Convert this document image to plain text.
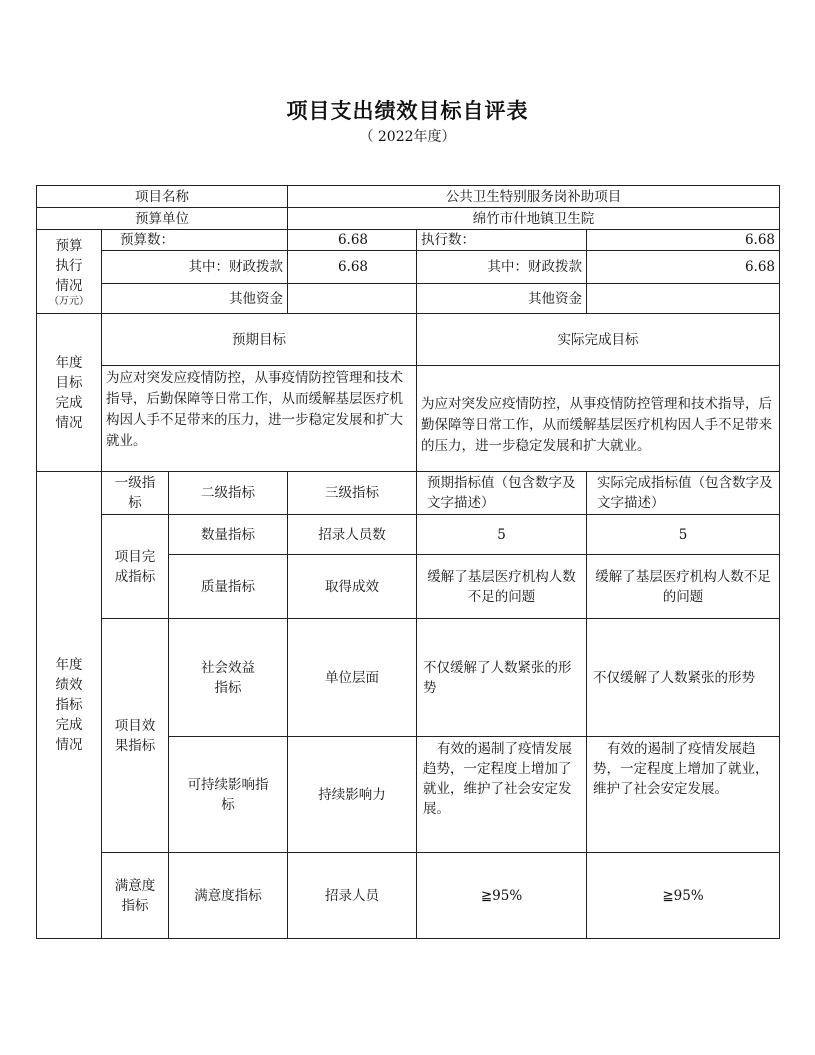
项目支出绩效目标自评表
（ 2022年度）
项目名称			公共卫生特别服务岗补助项目		
预算单位			绵竹市什地镇卫生院		

预算执行情况
（万元）	预算数：		6.68	执行数：	6.68
	其中：财政拨款		6.68	其中：财政拨款	6.68
	其他资金			其他资金	

年度目标完成情况	预期目标			实际完成目标	
	为应对突发应疫情防控，从事疫情防控管理和技术指导，后勤保障等日常工作，从而缓解基层医疗机构因人手不足带来的压力，进一步稳定发展和扩大就业。			为应对突发应疫情防控，从事疫情防控管理和技术指导，后勤保障等日常工作，从而缓解基层医疗机构因人手不足带来的压力，进一步稳定发展和扩大就业。	

年度绩效指标完成情况	一级指标	二级指标	三级指标	预期指标值（包含数字及文字描述）	实际完成指标值（包含数字及文字描述）
	项目完成指标	数量指标	招录人员数	5	5
		质量指标	取得成效	缓解了基层医疗机构人数不足的问题	缓解了基层医疗机构人数不足的问题
	项目效果指标	社会效益指标	单位层面	不仅缓解了人数紧张的形势	不仅缓解了人数紧张的形势
		可持续影响指标	持续影响力	有效的遏制了疫情发展趋势，一定程度上增加了就业，维护了社会安定发展。	有效的遏制了疫情发展趋势，一定程度上增加了就业，维护了社会安定发展。
	满意度指标	满意度指标	招录人员	≧95%	≧95%
